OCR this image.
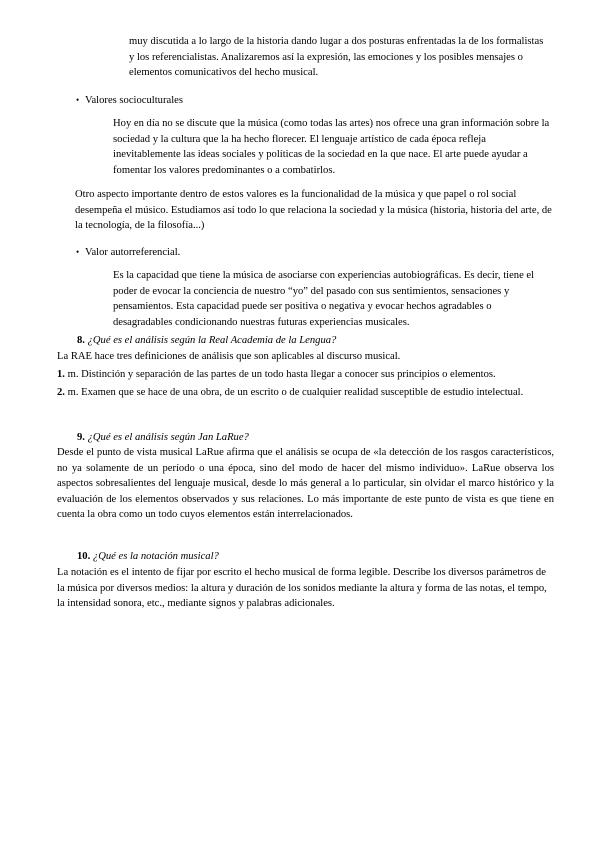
muy discutida a lo largo de la historia dando lugar a dos posturas enfrentadas la de los formalistas y los referencialistas. Analizaremos así la expresión, las emociones y los posibles mensajes o elementos comunicativos del hecho musical.

• Valores socioculturales

Hoy en día no se discute que la música (como todas las artes) nos ofrece una gran información sobre la sociedad y la cultura que la ha hecho florecer. El lenguaje artístico de cada época refleja inevitablemente las ideas sociales y políticas de la sociedad en la que nace. El arte puede ayudar a fomentar los valores predominantes o a combatirlos.

Otro aspecto importante dentro de estos valores es la funcionalidad de la música y que papel o rol social desempeña el músico. Estudiamos así todo lo que relaciona la sociedad y la música (historia, historia del arte, de la tecnología, de la filosofía...)

• Valor autorreferencial.

Es la capacidad que tiene la música de asociarse con experiencias autobiográficas. Es decir, tiene el poder de evocar la conciencia de nuestro “yo” del pasado con sus sentimientos, sensaciones y pensamientos. Esta capacidad puede ser positiva o negativa y evocar hechos agradables o desagradables condicionando nuestras futuras experiencias musicales.

8. ¿Qué es el análisis según la Real Academia de la Lengua?

La RAE hace tres definiciones de análisis que son aplicables al discurso musical.

1. m. Distinción y separación de las partes de un todo hasta llegar a conocer sus principios o elementos.

2. m. Examen que se hace de una obra, de un escrito o de cualquier realidad susceptible de estudio intelectual.

9. ¿Qué es el análisis según Jan LaRue?

Desde el punto de vista musical LaRue afirma que el análisis se ocupa de «la detección de los rasgos característicos, no ya solamente de un período o una época, sino del modo de hacer del mismo individuo». LaRue observa los aspectos sobresalientes del lenguaje musical, desde lo más general a lo particular, sin olvidar el marco histórico y la evaluación de los elementos observados y sus relaciones. Lo más importante de este punto de vista es que tiene en cuenta la obra como un todo cuyos elementos están interrelacionados.

10. ¿Qué es la notación musical?

La notación es el intento de fijar por escrito el hecho musical de forma legible. Describe los diversos parámetros de la música por diversos medios: la altura y duración de los sonidos mediante la altura y forma de las notas, el tempo, la intensidad sonora, etc., mediante signos y palabras adicionales.
